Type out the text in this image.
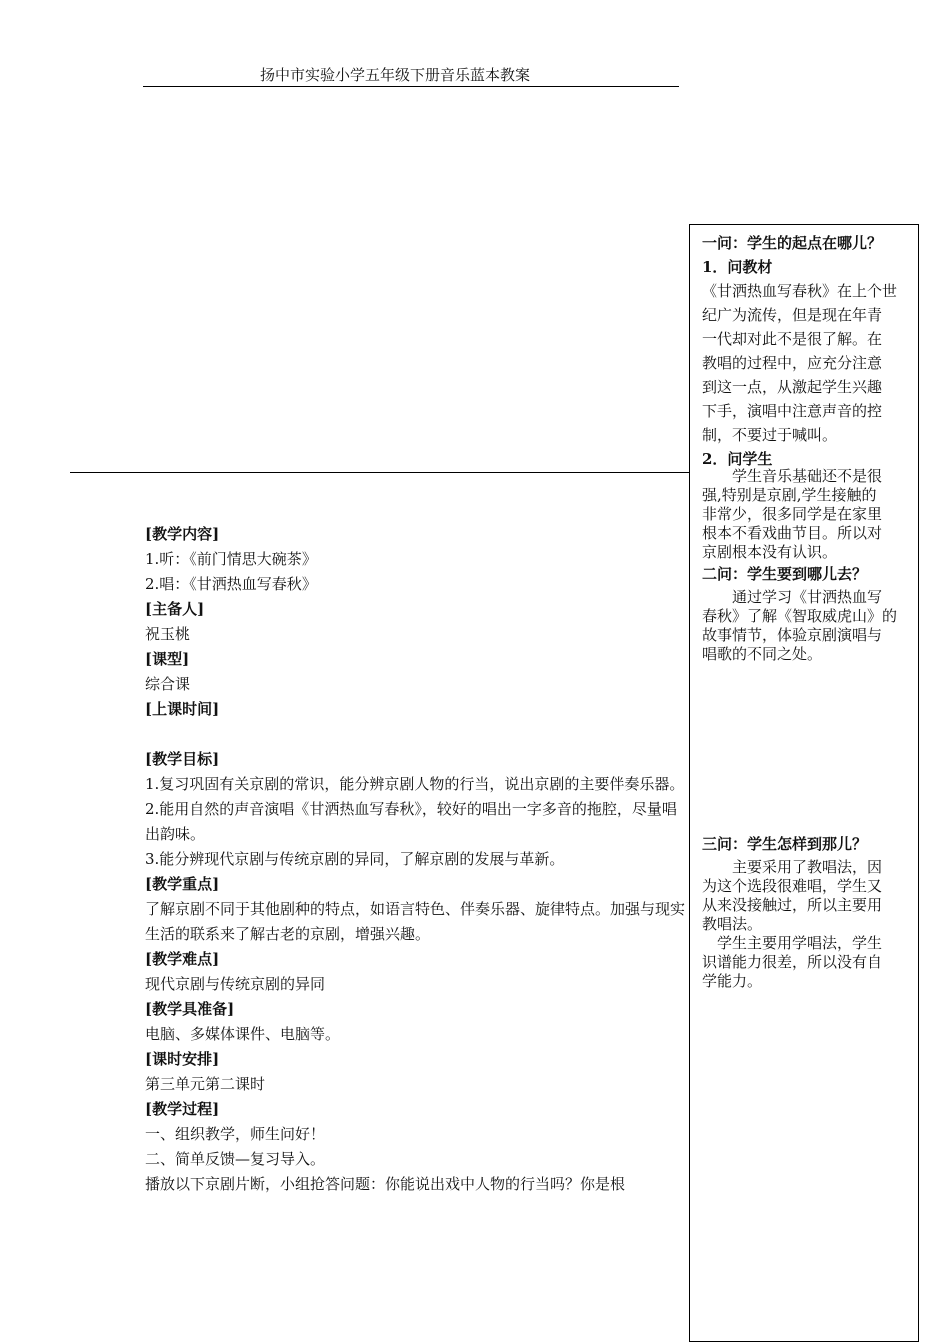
扬中市实验小学五年级下册音乐蓝本教案
一问：学生的起点在哪儿？
1．问教材
《甘洒热血写春秋》在上个世
纪广为流传，但是现在年青
一代却对此不是很了解。在
教唱的过程中，应充分注意
到这一点，从激起学生兴趣
下手，演唱中注意声音的控
制，不要过于喊叫。
2．问学生
　　学生音乐基础还不是很
强,特别是京剧,学生接触的
非常少，很多同学是在家里
根本不看戏曲节目。所以对
京剧根本没有认识。
二问：学生要到哪儿去？
　　通过学习《甘洒热血写
春秋》了解《智取威虎山》的
故事情节，体验京剧演唱与
唱歌的不同之处。
三问：学生怎样到那儿？
　　主要采用了教唱法，因
为这个选段很难唱，学生又
从来没接触过，所以主要用
教唱法。
　学生主要用学唱法，学生
识谱能力很差，所以没有自
学能力。
[教学内容]
1.听：《前门情思大碗茶》
2.唱：《甘洒热血写春秋》
[主备人]
祝玉桃
[课型]
综合课
[上课时间]
[教学目标]
1.复习巩固有关京剧的常识，能分辨京剧人物的行当，说出京剧的主要伴奏乐器。
2.能用自然的声音演唱《甘洒热血写春秋》，较好的唱出一字多音的拖腔，尽量唱出韵味。
3.能分辨现代京剧与传统京剧的异同，了解京剧的发展与革新。
[教学重点]
了解京剧不同于其他剧种的特点，如语言特色、伴奏乐器、旋律特点。加强与现实生活的联系来了解古老的京剧，增强兴趣。
[教学难点]
现代京剧与传统京剧的异同
[教学具准备]
电脑、多媒体课件、电脑等。
[课时安排]
第三单元第二课时
[教学过程]
一、组织教学，师生问好！
二、简单反馈—复习导入。
播放以下京剧片断，小组抢答问题：你能说出戏中人物的行当吗？你是根
